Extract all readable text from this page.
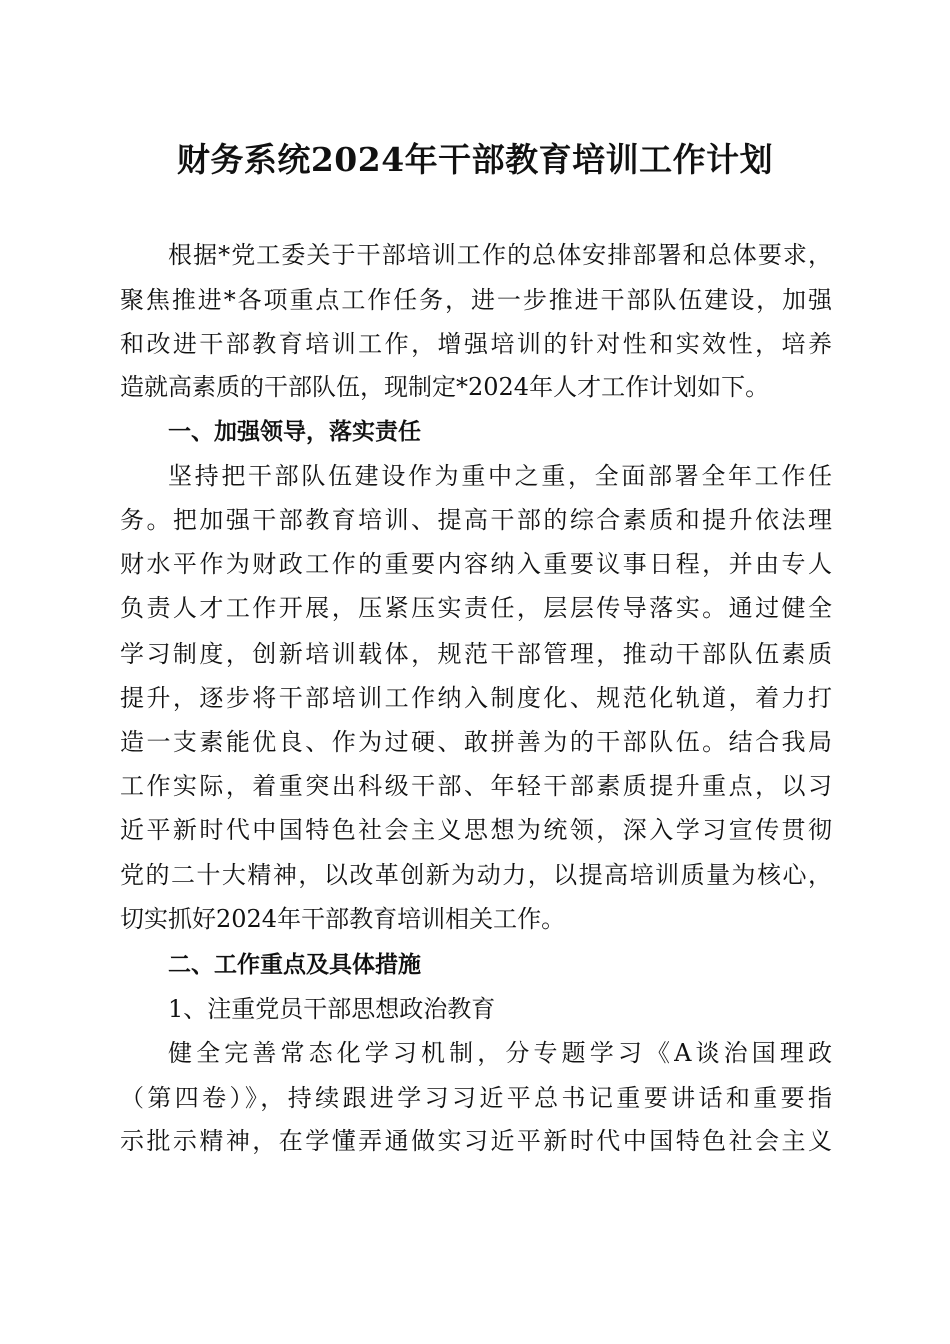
财务系统2024年干部教育培训工作计划
根据*党工委关于干部培训工作的总体安排部署和总体要求，
聚焦推进*各项重点工作任务，进一步推进干部队伍建设，加强
和改进干部教育培训工作，增强培训的针对性和实效性，培养
造就高素质的干部队伍，现制定*2024年人才工作计划如下。
一、加强领导，落实责任
坚持把干部队伍建设作为重中之重，全面部署全年工作任
务。把加强干部教育培训、提高干部的综合素质和提升依法理
财水平作为财政工作的重要内容纳入重要议事日程，并由专人
负责人才工作开展，压紧压实责任，层层传导落实。通过健全
学习制度，创新培训载体，规范干部管理，推动干部队伍素质
提升，逐步将干部培训工作纳入制度化、规范化轨道，着力打
造一支素能优良、作为过硬、敢拼善为的干部队伍。结合我局
工作实际，着重突出科级干部、年轻干部素质提升重点，以习
近平新时代中国特色社会主义思想为统领，深入学习宣传贯彻
党的二十大精神，以改革创新为动力，以提高培训质量为核心，
切实抓好2024年干部教育培训相关工作。
二、工作重点及具体措施
1、注重党员干部思想政治教育
健全完善常态化学习机制，分专题学习《A谈治国理政
（第四卷）》，持续跟进学习习近平总书记重要讲话和重要指
示批示精神，在学懂弄通做实习近平新时代中国特色社会主义
